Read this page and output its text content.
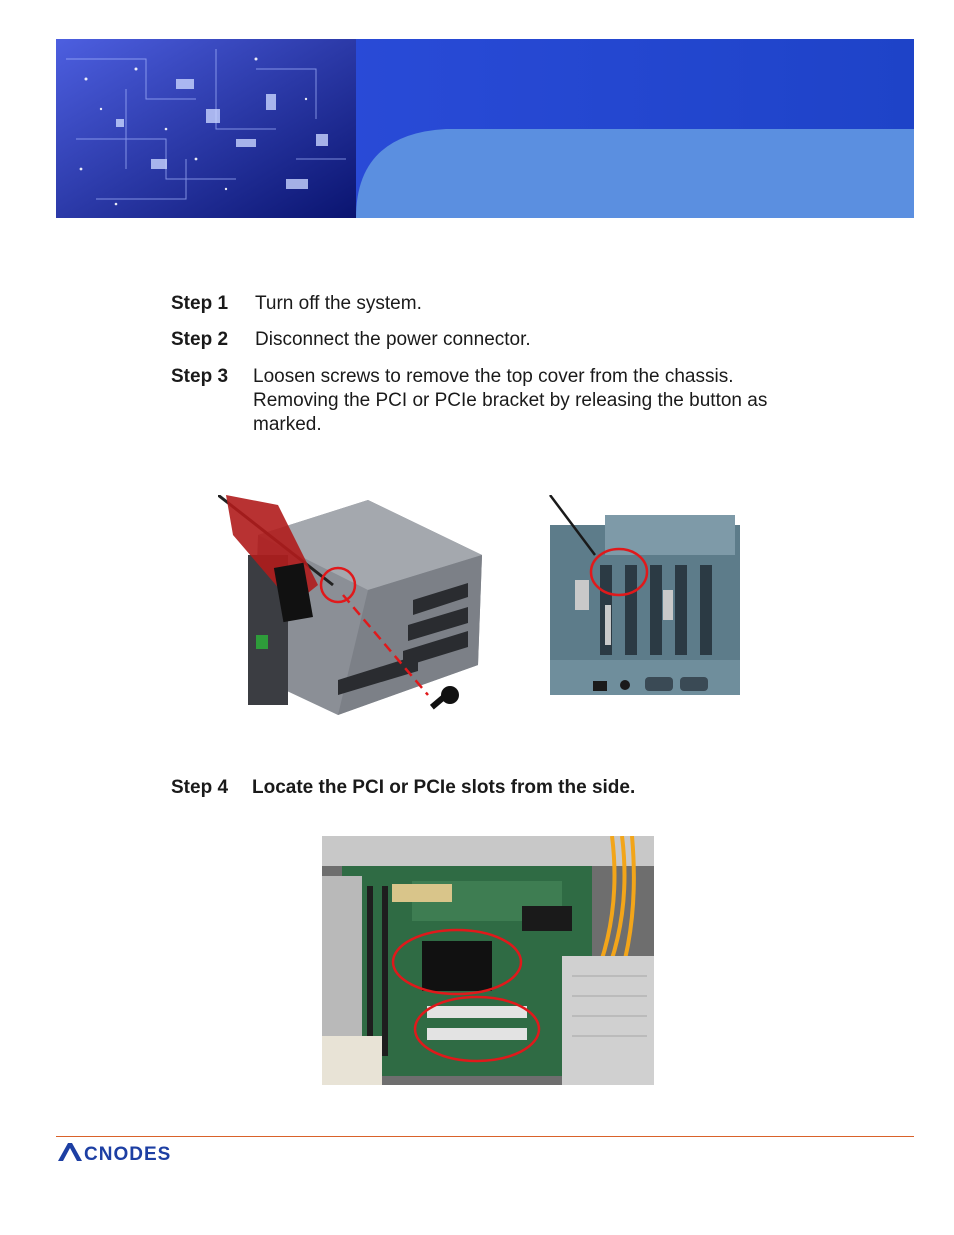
Step 1 Turn off the system.
Step 2 Disconnect the power connector.
Step 3 Loosen screws to remove the top cover from the chassis.
Removing the PCI or PCIe bracket by releasing the button as
marked.
Step 4 Locate the PCI or PCIe slots from the side.
CNODES
